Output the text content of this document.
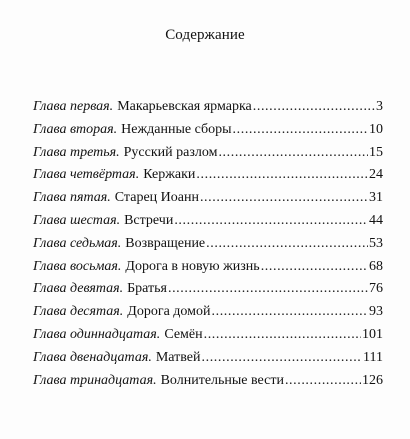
Содержание
Глава первая. Макарьевская ярмарка .....	3
Глава вторая. Нежданные сборы .....	10
Глава третья. Русский разлом .....	15
Глава четвёртая. Кержаки .....	24
Глава пятая. Старец Иоанн .....	31
Глава шестая. Встречи .....	44
Глава седьмая. Возвращение .....	53
Глава восьмая. Дорога в новую жизнь .....	68
Глава девятая. Братья .....	76
Глава десятая. Дорога домой .....	93
Глава одиннадцатая. Семён .....	101
Глава двенадцатая. Матвей .....	111
Глава тринадцатая. Волнительные вести .....	126
